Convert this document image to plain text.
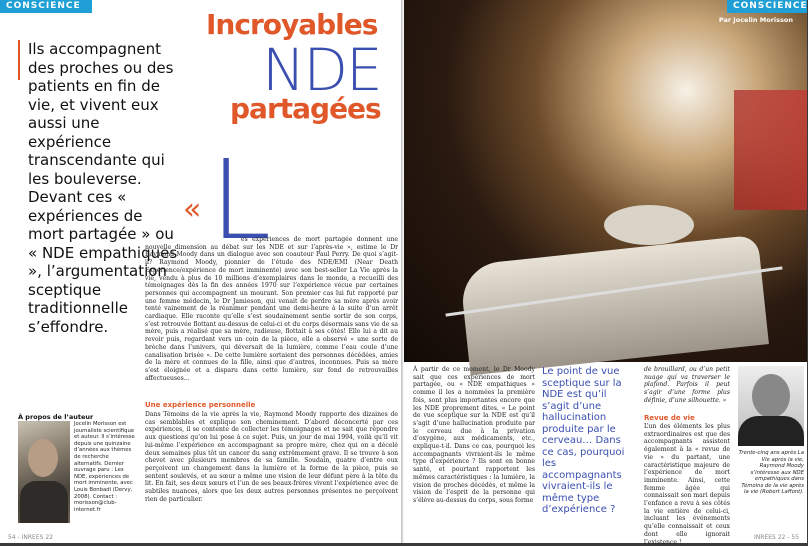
CONSCIENCE
Ils accompagnent des proches ou des patients en fin de vie, et vivent eux aussi une expérience transcendante qui les bouleverse. Devant ces « expériences de mort partagée » ou « NDE empathiques », l’argumentation sceptique traditionnelle s’effondre.
Incroyables
NDE
partagées
« L
es expériences de mort partagée donnent une nouvelle dimension au débat sur les NDE et sur l’après-vie », estime le Dr Raymond Moody dans un dialogue avec son coauteur Paul Perry. De quoi s’agit-il? Raymond Moody, pionnier de l’étude des NDE/EMI (Near Death Experience/expérience de mort imminente) avec son best-seller La Vie après la vie, vendu à plus de 10 millions d’exemplaires dans le monde, a recueilli des témoignages dès la fin des années 1970 sur l’expérience vécue par certaines personnes qui accompagnent un mourant. Son premier cas lui fut rapporté par une femme médecin, le Dr Jamieson, qui venait de perdre sa mère après avoir tenté vainement de la réanimer pendant une demi-heure à la suite d’un arrêt cardiaque. Elle raconte qu’elle s’est soudainement sentie sortir de son corps, s’est retrouvée flottant au-dessus de celui-ci et du corps désormais sans vie de sa mère, puis a réalisé que sa mère, radieuse, flottait à ses côtés! Elle lui a dit au revoir puis, regardant vers un coin de la pièce, elle a observé « une sorte de brèche dans l’univers, qui déversait de la lumière, comme l’eau coule d’une canalisation brisée ». De cette lumière sortaient des personnes décédées, amies de la mère et connues de la fille, ainsi que d’autres, inconnues. Puis sa mère s’est éloignée et a disparu dans cette lumière, sur fond de retrouvailles affectueuses…
Une expérience personnelle
Dans Témoins de la vie après la vie, Raymond Moody rapporte des dizaines de cas semblables et explique son cheminement. D’abord déconcerté par ces expériences, il se contente de collecter les témoignages et ne sait que répondre aux questions qu’on lui pose à ce sujet. Puis, un jour de mai 1994, voilà qu’il vit lui-même l’expérience en accompagnant sa propre mère, chez qui on a décelé deux semaines plus tôt un cancer du sang extrêmement grave. Il se trouve à son chevet avec plusieurs membres de sa famille. Soudain, quatre d’entre eux perçoivent un changement dans la lumière et la forme de la pièce, puis se sentent soulevés, et au sœur a même une vision de leur défunt père à la tête du lit. En fait, ses deux sœurs et l’un de ses beaux-frères vivent l’expérience avec de subtiles nuances, alors que les deux autres personnes présentes ne perçoivent rien de particulier.
À propos de l’auteur
Jocelin Morisson est journaliste scientifique et auteur. Il s’intéresse depuis une quinzaine d’années aux thèmes de recherche alternatifs. Dernier ouvrage paru : Les NDE, expériences de mort imminente, avec Louis Bonbadi (Dervy, 2008). Contact : morisson@club-internet.fr
54 - INREES 22
CONSCIENCE
Par Jocelin Morisson
À partir de ce moment, le Dr Moody sait que ces expériences de mort partagée, ou « NDE empathiques » comme il les a nommées la première fois, sont plus importantes encore que les NDE proprement dites. « Le point de vue sceptique sur la NDE est qu’il s’agit d’une hallucination produite par le cerveau due à la privation d’oxygène, aux médicaments, etc., explique-t-il. Dans ce cas, pourquoi les accompagnants vivraient-ils le même type d’expérience ? Ils sont en bonne santé, et pourtant rapportent les mêmes caractéristiques : la lumière, la vision de proches décédés, et même la vision de l’esprit de la personne qui s’élève au-dessus du corps, sous forme
Le point de vue sceptique sur la NDE est qu’il s’agit d’une hallucination produite par le cerveau… Dans ce cas, pourquoi les accompagnants vivraient-ils le même type d’expérience ?
de brouillard, ou d’un petit nuage qui va traverser le plafond. Parfois il peut s’agir d’une forme plus définie, d’une silhouette. »
Revue de vie
L’un des éléments les plus extraordinaires est que des accompagnants assistent également à la « revue de vie » du partant, une caractéristique majeure de l’expérience de mort imminente. Ainsi, cette femme âgée qui connaissait son mari depuis l’enfance a revu à ses côtés la vie entière de celui-ci, incluant les événements qu’elle connaissait et ceux dont elle ignorait l’existence !
Trente-cinq ans après La Vie après la vie, Raymond Moody s’intéresse aux NDE empathiques dans Témoins de la vie après la vie (Robert Laffont).
INREES 22 - 55
